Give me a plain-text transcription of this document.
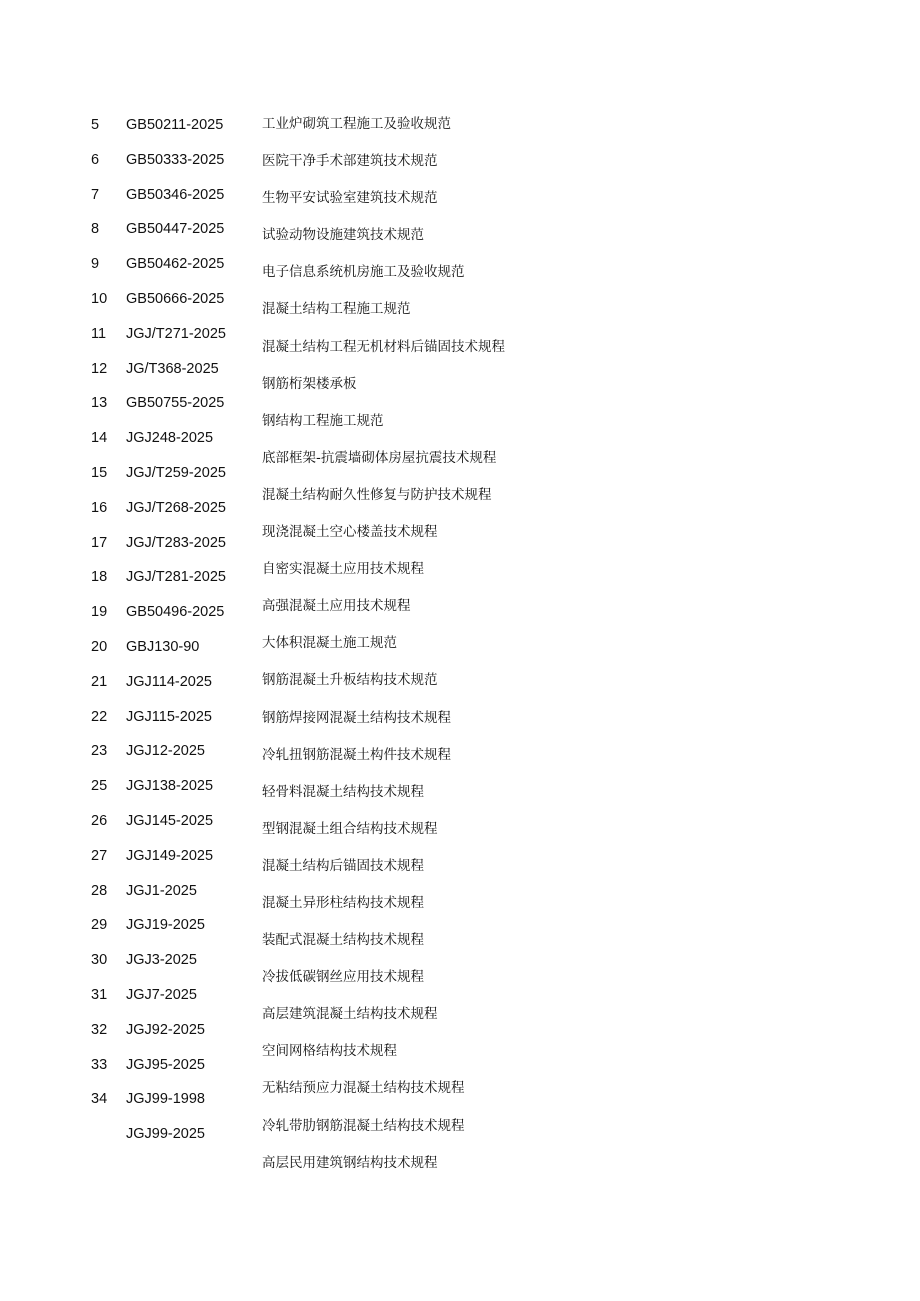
5
6
7
8
9
10
11
12
13
14
15
16
17
18
19
20
21
22
23
25
26
27
28
29
30
31
32
33
34
GB50211-2025
GB50333-2025
GB50346-2025
GB50447-2025
GB50462-2025
GB50666-2025
JGJ/T271-2025
JG/T368-2025
GB50755-2025
JGJ248-2025
JGJ/T259-2025
JGJ/T268-2025
JGJ/T283-2025
JGJ/T281-2025
GB50496-2025
GBJ130-90
JGJ114-2025
JGJ115-2025
JGJ12-2025
JGJ138-2025
JGJ145-2025
JGJ149-2025
JGJ1-2025
JGJ19-2025
JGJ3-2025
JGJ7-2025
JGJ92-2025
JGJ95-2025
JGJ99-1998
JGJ99-2025
工业炉砌筑工程施工及验收规范
医院干净手术部建筑技术规范
生物平安试验室建筑技术规范
试验动物设施建筑技术规范
电子信息系统机房施工及验收规范
混凝土结构工程施工规范
混凝土结构工程无机材料后锚固技术规程
钢筋桁架楼承板
钢结构工程施工规范
底部框架-抗震墙砌体房屋抗震技术规程
混凝土结构耐久性修复与防护技术规程
现浇混凝土空心楼盖技术规程
自密实混凝土应用技术规程
高强混凝土应用技术规程
大体积混凝土施工规范
钢筋混凝土升板结构技术规范
钢筋焊接网混凝土结构技术规程
冷轧扭钢筋混凝土构件技术规程
轻骨料混凝土结构技术规程
型钢混凝土组合结构技术规程
混凝土结构后锚固技术规程
混凝土异形柱结构技术规程
装配式混凝土结构技术规程
冷拔低碳钢丝应用技术规程
高层建筑混凝土结构技术规程
空间网格结构技术规程
无粘结预应力混凝土结构技术规程
冷轧带肋钢筋混凝土结构技术规程
高层民用建筑钢结构技术规程
